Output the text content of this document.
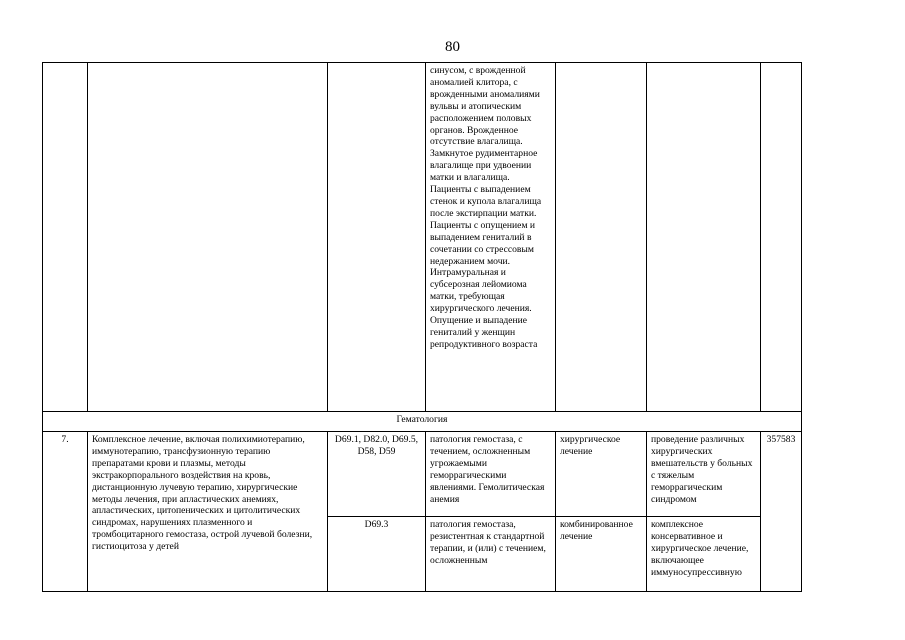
80
			синусом, с врожденной аномалией клитора, с врожденными аномалиями вульвы и атопическим расположением половых органов. Врожденное отсутствие влагалища. Замкнутое рудиментарное влагалище при удвоении матки и влагалища. Пациенты с выпадением стенок и купола влагалища после экстирпации матки. Пациенты с опущением и выпадением гениталий в сочетании со стрессовым недержанием мочи. Интрамуральная и субсерозная лейомиома матки, требующая хирургического лечения. Опущение и выпадение гениталий у женщин репродуктивного возраста			
Гематология						
7.	Комплексное лечение, включая полихимиотерапию, иммунотерапию, трансфузионную терапию препаратами крови и плазмы, методы экстракорпорального воздействия на кровь, дистанционную лучевую терапию, хирургические методы лечения, при апластических анемиях, апластических, цитопенических и цитолитических синдромах, нарушениях плазменного и тромбоцитарного гемостаза, острой лучевой болезни, гистиоцитоза у детей	D69.1, D82.0, D69.5, D58, D59	патология гемостаза, с течением, осложненным угрожаемыми геморрагическими явлениями. Гемолитическая анемия	хирургическое лечение	проведение различных хирургических вмешательств у больных с тяжелым геморрагическим синдромом	357583
		D69.3	патология гемостаза, резистентная к стандартной терапии, и (или) с течением, осложненным	комбинированное лечение	комплексное консервативное и хирургическое лечение, включающее иммуносупрессивную	
